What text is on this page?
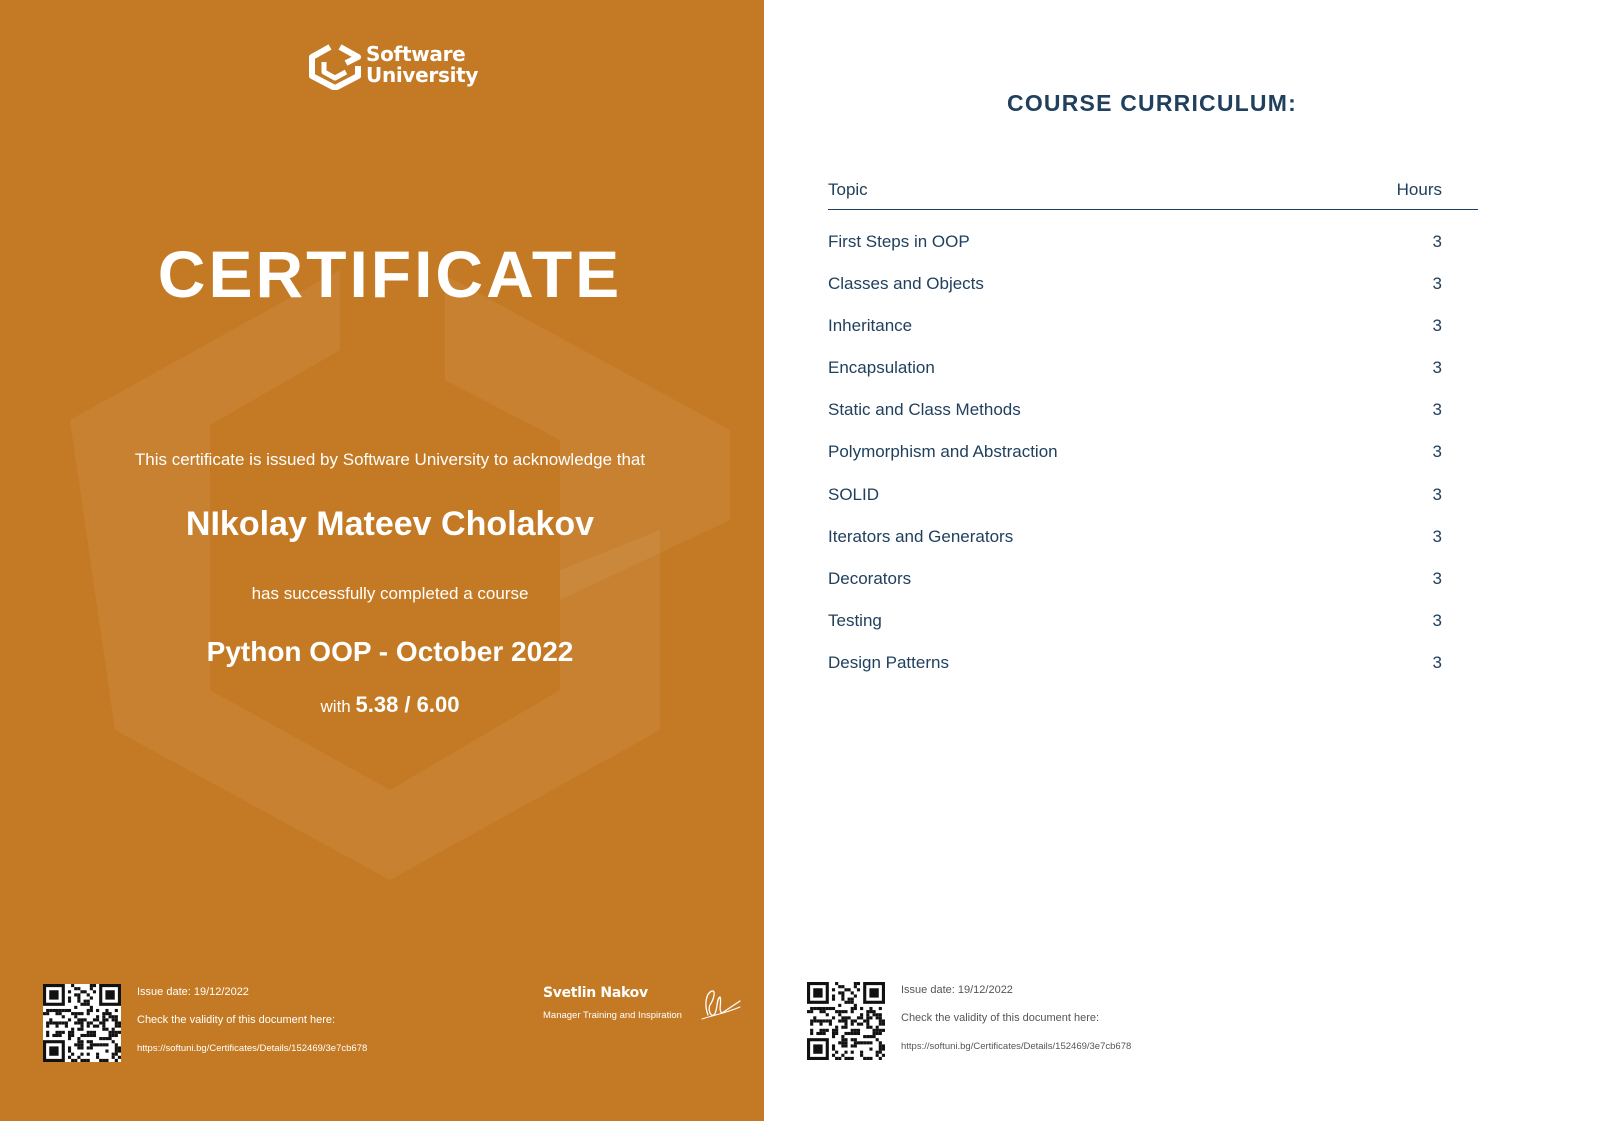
Software
University
CERTIFICATE
This certificate is issued by Software University to acknowledge that
NIkolay Mateev Cholakov
has successfully completed a course
Python OOP - October 2022
with 5.38 / 6.00
Issue date: 19/12/2022
Check the validity of this document here:
https://softuni.bg/Certificates/Details/152469/3e7cb678
Svetlin Nakov
Manager Training and Inspiration
Issue date: 19/12/2022
Check the validity of this document here:
https://softuni.bg/Certificates/Details/152469/3e7cb678
COURSE CURRICULUM:
Topic	Hours
First Steps in OOP	3
Classes and Objects	3
Inheritance	3
Encapsulation	3
Static and Class Methods	3
Polymorphism and Abstraction	3
SOLID	3
Iterators and Generators	3
Decorators	3
Testing	3
Design Patterns	3
